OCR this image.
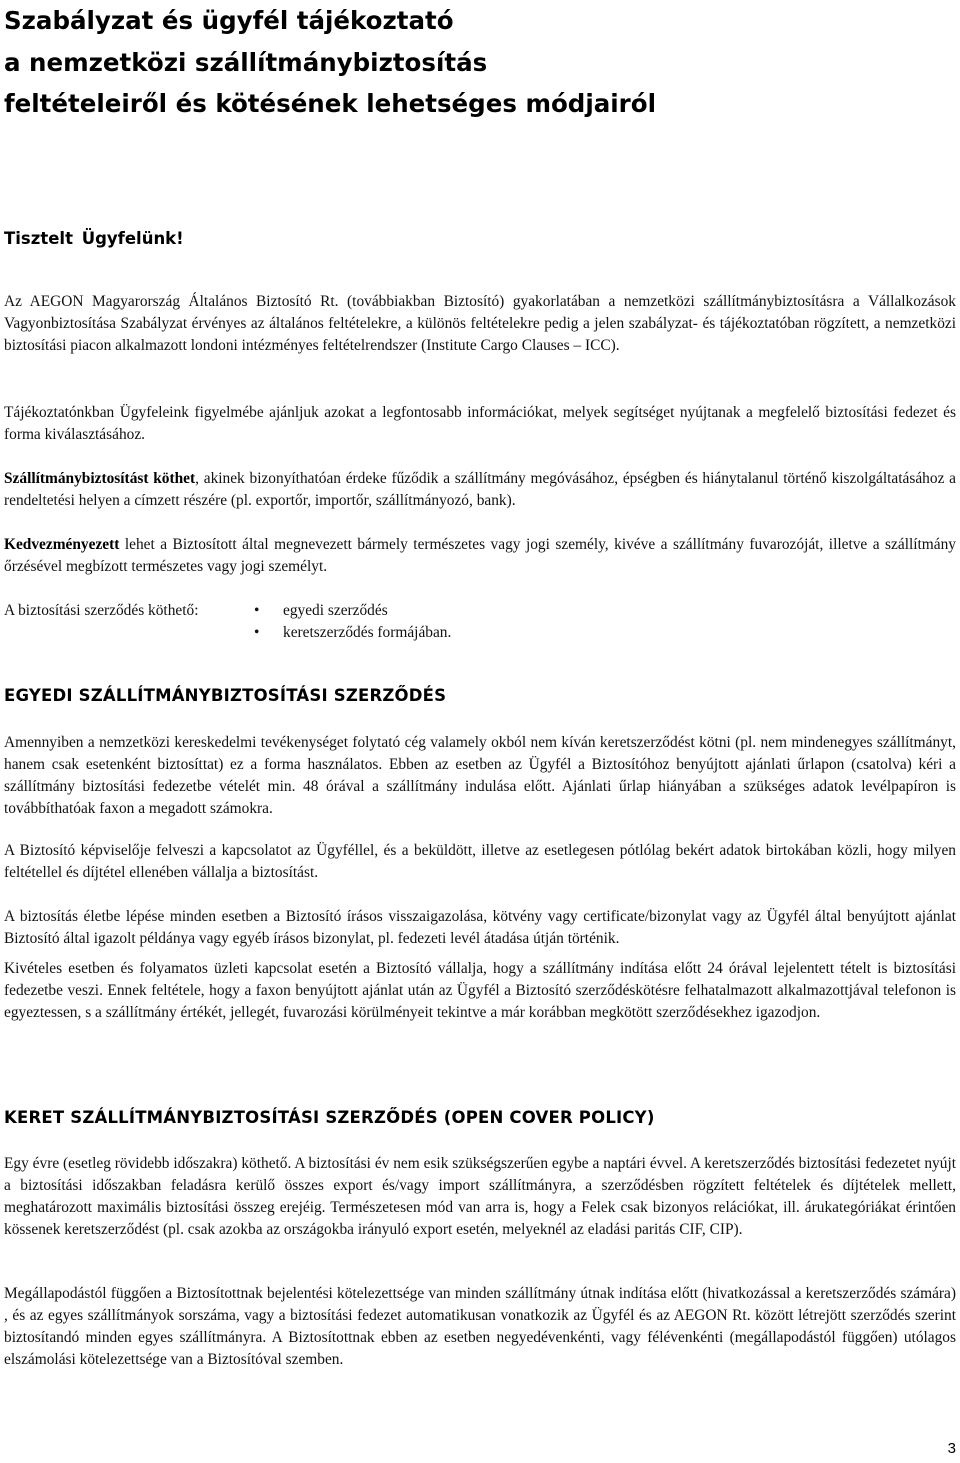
Szabályzat és ügyfél tájékoztató
a nemzetközi szállítmánybiztosítás
feltételeiről és kötésének lehetséges módjairól

Tisztelt Ügyfelünk!

Az AEGON Magyarország Általános Biztosító Rt. (továbbiakban Biztosító) gyakorlatában a nemzetközi szállítmánybiztosításra a Vállalkozások Vagyonbiztosítása Szabályzat érvényes az általános feltételekre, a különös feltételekre pedig a jelen szabályzat- és tájékoztatóban rögzített, a nemzetközi biztosítási piacon alkalmazott londoni intézményes feltételrendszer (Institute Cargo Clauses – ICC).

Tájékoztatónkban Ügyfeleink figyelmébe ajánljuk azokat a legfontosabb információkat, melyek segítséget nyújtanak a megfelelő biztosítási fedezet és forma kiválasztásához.

Szállítmánybiztosítást köthet, akinek bizonyíthatóan érdeke fűződik a szállítmány megóvásához, épségben és hiánytalanul történő kiszolgáltatásához a rendeltetési helyen a címzett részére (pl. exportőr, importőr, szállítmányozó, bank).

Kedvezményezett lehet a Biztosított által megnevezett bármely természetes vagy jogi személy, kivéve a szállítmány fuvarozóját, illetve a szállítmány őrzésével megbízott természetes vagy jogi személyt.

A biztosítási szerződés köthető:	• egyedi szerződés
• keretszerződés formájában.
EGYEDI SZÁLLÍTMÁNYBIZTOSÍTÁSI SZERZŐDÉS

Amennyiben a nemzetközi kereskedelmi tevékenységet folytató cég valamely okból nem kíván keretszerződést kötni (pl. nem mindenegyes szállítmányt, hanem csak esetenként biztosíttat) ez a forma használatos. Ebben az esetben az Ügyfél a Biztosítóhoz benyújtott ajánlati űrlapon (csatolva) kéri a szállítmány biztosítási fedezetbe vételét min. 48 órával a szállítmány indulása előtt. Ajánlati űrlap hiányában a szükséges adatok levélpapíron is továbbíthatóak faxon a megadott számokra.

A Biztosító képviselője felveszi a kapcsolatot az Ügyféllel, és a beküldött, illetve az esetlegesen pótlólag bekért adatok birtokában közli, hogy milyen feltétellel és díjtétel ellenében vállalja a biztosítást.

A biztosítás életbe lépése minden esetben a Biztosító írásos visszaigazolása, kötvény vagy certificate/bizonylat vagy az Ügyfél által benyújtott ajánlat Biztosító által igazolt példánya vagy egyéb írásos bizonylat, pl. fedezeti levél átadása útján történik.

Kivételes esetben és folyamatos üzleti kapcsolat esetén a Biztosító vállalja, hogy a szállítmány indítása előtt 24 órával lejelentett tételt is biztosítási fedezetbe veszi. Ennek feltétele, hogy a faxon benyújtott ajánlat után az Ügyfél a Biztosító szerződéskötésre felhatalmazott alkalmazottjával telefonon is egyeztessen, s a szállítmány értékét, jellegét, fuvarozási körülményeit tekintve a már korábban megkötött szerződésekhez igazodjon.

KERET SZÁLLÍTMÁNYBIZTOSÍTÁSI SZERZŐDÉS (OPEN COVER POLICY)

Egy évre (esetleg rövidebb időszakra) köthető. A biztosítási év nem esik szükségszerűen egybe a naptári évvel. A keretszerződés biztosítási fedezetet nyújt a biztosítási időszakban feladásra kerülő összes export és/vagy import szállítmányra, a szerződésben rögzített feltételek és díjtételek mellett, meghatározott maximális biztosítási összeg erejéig. Természetesen mód van arra is, hogy a Felek csak bizonyos relációkat, ill. árukategóriákat érintően kössenek keretszerződést (pl. csak azokba az országokba irányuló export esetén, melyeknél az eladási paritás CIF, CIP).

Megállapodástól függően a Biztosítottnak bejelentési kötelezettsége van minden szállítmány útnak indítása előtt (hivatkozással a keretszerződés számára) , és az egyes szállítmányok sorszáma, vagy a biztosítási fedezet automatikusan vonatkozik az Ügyfél és az AEGON Rt. között létrejött szerződés szerint biztosítandó minden egyes szállítmányra. A Biztosítottnak ebben az esetben negyedévenkénti, vagy félévenkénti (megállapodástól függően) utólagos elszámolási kötelezettsége van a Biztosítóval szemben.

3
